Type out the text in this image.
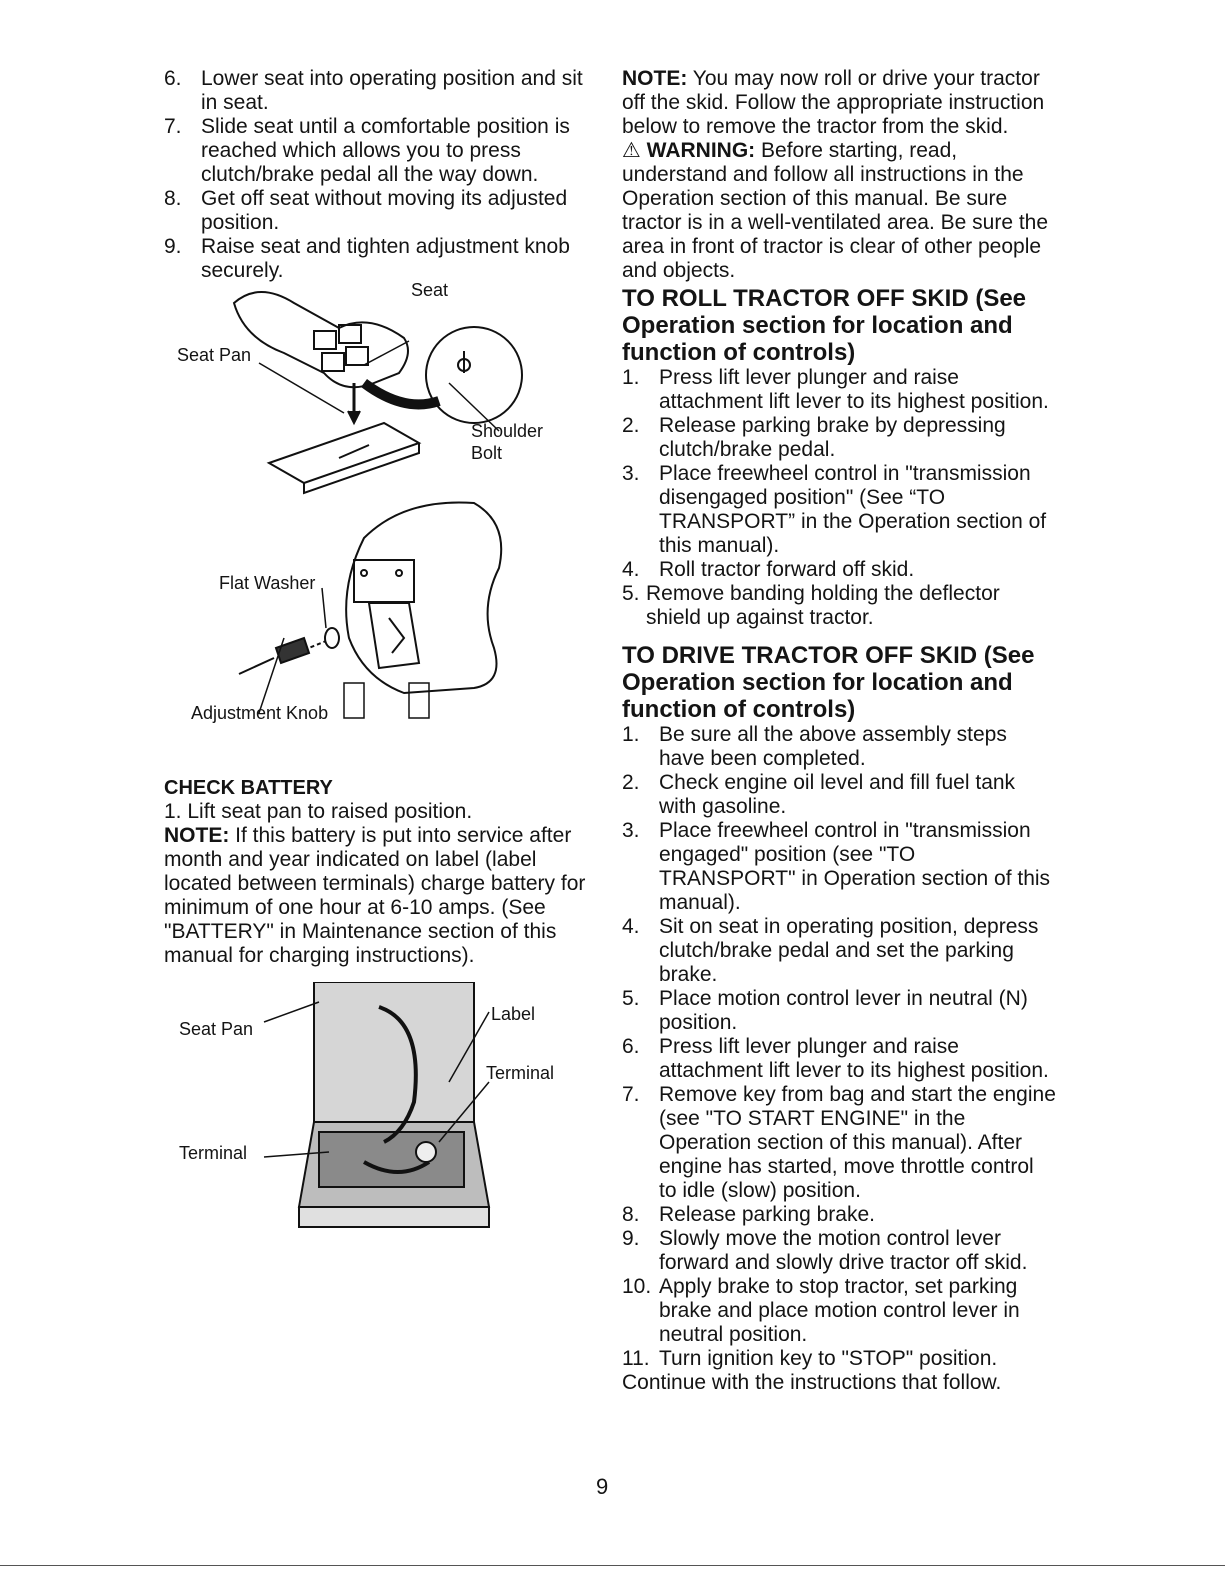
6. Lower seat into operating position and sit in seat.

7. Slide seat until a comfortable position is reached which allows you to press clutch/brake pedal all the way down.

8. Get off seat without moving its adjusted position.

9. Raise seat and tighten adjustment knob securely.

Seat
Seat Pan
Shoulder
Bolt
Flat Washer
Adjustment Knob
CHECK BATTERY

1. Lift seat pan to raised position.

NOTE: If this battery is put into service after month and year indicated on label (label located between terminals) charge battery for minimum of one hour at 6-10 amps. (See "BATTERY" in Maintenance section of this manual for charging instructions).

Seat Pan
Label
Terminal
Terminal

NOTE: You may now roll or drive your tractor off the skid. Follow the appropriate instruction below to remove the tractor from the skid.

⚠ WARNING: Before starting, read, understand and follow all instructions in the Operation section of this manual. Be sure tractor is in a well-ventilated area. Be sure the area in front of tractor is clear of other people and objects.

TO ROLL TRACTOR OFF SKID (See Operation section for location and function of controls)
1. Press lift lever plunger and raise attachment lift lever to its highest position.

2. Release parking brake by depressing clutch/brake pedal.

3. Place freewheel control in "transmission disengaged position" (See “TO TRANSPORT” in the Operation section of this manual).

4. Roll tractor forward off skid.

5. Remove banding holding the deflector shield up against tractor.

TO DRIVE TRACTOR OFF SKID (See Operation section for location and function of controls)
1. Be sure all the above assembly steps have been completed.

2. Check engine oil level and fill fuel tank with gasoline.

3. Place freewheel control in "transmission engaged" position (see "TO TRANSPORT" in Operation section of this manual).

4. Sit on seat in operating position, depress clutch/brake pedal and set the parking brake.

5. Place motion control lever in neutral (N) position.

6. Press lift lever plunger and raise attachment lift lever to its highest position.

7. Remove key from bag and start the engine (see "TO START ENGINE" in the Operation section of this manual). After engine has started, move throttle control to idle (slow) position.

8. Release parking brake.

9. Slowly move the motion control lever forward and slowly drive tractor off skid.

10. Apply brake to stop tractor, set parking brake and place motion control lever in neutral position.

11. Turn ignition key to "STOP" position.

Continue with the instructions that follow.

9
